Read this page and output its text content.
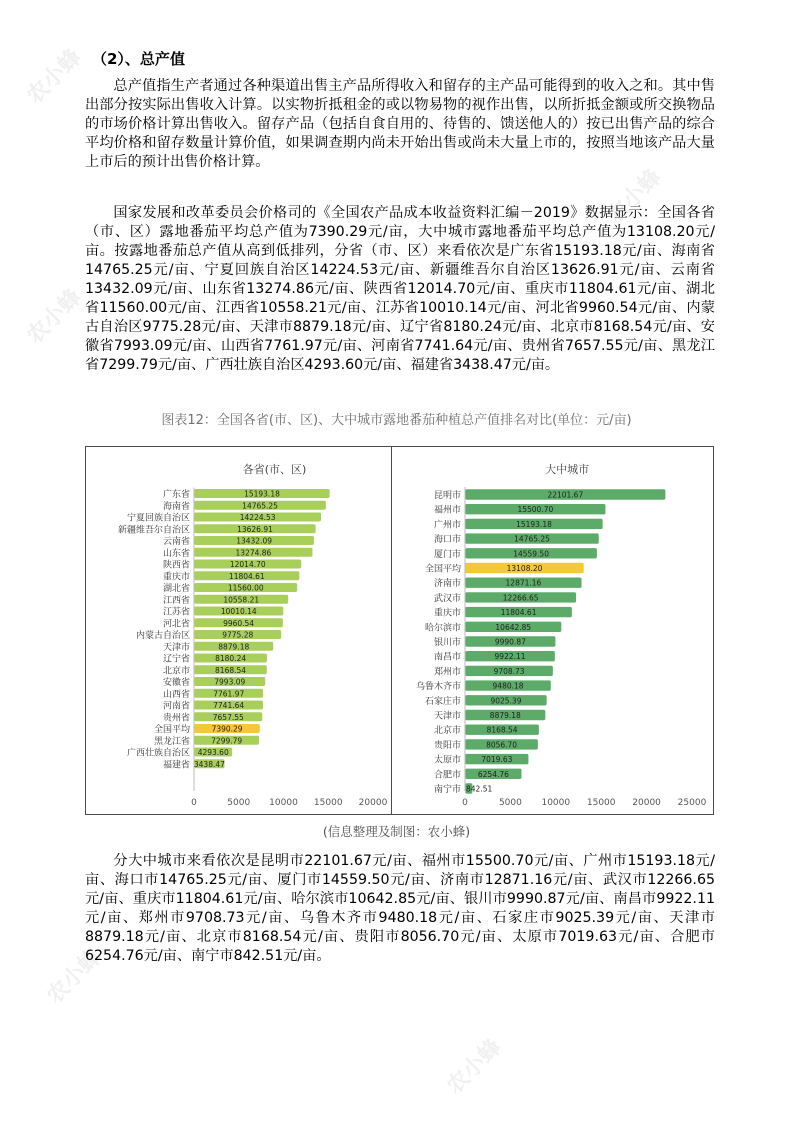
农小蜂
农小蜂
农小蜂
农小蜂
农小蜂
（2）、总产值

总产值指生产者通过各种渠道出售主产品所得收入和留存的主产品可能得到的收入之和。其中售出部分按实际出售收入计算。以实物折抵租金的或以物易物的视作出售，以所折抵金额或所交换物品的市场价格计算出售收入。留存产品（包括自食自用的、待售的、馈送他人的）按已出售产品的综合平均价格和留存数量计算价值，如果调查期内尚未开始出售或尚未大量上市的，按照当地该产品大量上市后的预计出售价格计算。

国家发展和改革委员会价格司的《全国农产品成本收益资料汇编－2019》数据显示：全国各省（市、区）露地番茄平均总产值为7390.29元/亩，大中城市露地番茄平均总产值为13108.20元/亩。按露地番茄总产值从高到低排列，分省（市、区）来看依次是广东省15193.18元/亩、海南省14765.25元/亩、宁夏回族自治区14224.53元/亩、新疆维吾尔自治区13626.91元/亩、云南省13432.09元/亩、山东省13274.86元/亩、陕西省12014.70元/亩、重庆市11804.61元/亩、湖北省11560.00元/亩、江西省10558.21元/亩、江苏省10010.14元/亩、河北省9960.54元/亩、内蒙古自治区9775.28元/亩、天津市8879.18元/亩、辽宁省8180.24元/亩、北京市8168.54元/亩、安徽省7993.09元/亩、山西省7761.97元/亩、河南省7741.64元/亩、贵州省7657.55元/亩、黑龙江省7299.79元/亩、广西壮族自治区4293.60元/亩、福建省3438.47元/亩。

图表12：全国各省(市、区)、大中城市露地番茄种植总产值排名对比(单位：元/亩)
各省(市、区)
广东省	15193.18
海南省	14765.25
宁夏回族自治区	14224.53
新疆维吾尔自治区	13626.91
云南省	13432.09
山东省	13274.86
陕西省	12014.70
重庆市	11804.61
湖北省	11560.00
江西省	10558.21
江苏省	10010.14
河北省	9960.54
内蒙古自治区	9775.28
天津市	8879.18
辽宁省	8180.24
北京市	8168.54
安徽省	7993.09
山西省	7761.97
河南省	7741.64
贵州省	7657.55
全国平均	7390.29
黑龙江省	7299.79
广西壮族自治区 4293.60
福建省 3438.47
0	5000 10000 15000 20000
大中城市
昆明市	22101.67
福州市	15500.70
广州市	15193.18
海口市	14765.25
厦门市	14559.50
全国平均	13108.20
济南市	12871.16
武汉市	12266.65
重庆市	11804.61
哈尔滨市	10642.85
银川市	9990.87
南昌市	9922.11
郑州市	9708.73
乌鲁木齐市	9480.18
石家庄市	9025.39
天津市	8879.18
北京市	8168.54
贵阳市	8056.70
太原市	7019.63
合肥市 6254.76
南宁市 842.51
0	5000 10000 15000 20000 25000
(信息整理及制图：农小蜂)

分大中城市来看依次是昆明市22101.67元/亩、福州市15500.70元/亩、广州市15193.18元/亩、海口市14765.25元/亩、厦门市14559.50元/亩、济南市12871.16元/亩、武汉市12266.65元/亩、重庆市11804.61元/亩、哈尔滨市10642.85元/亩、银川市9990.87元/亩、南昌市9922.11元/亩、郑州市9708.73元/亩、乌鲁木齐市9480.18元/亩、石家庄市9025.39元/亩、天津市8879.18元/亩、北京市8168.54元/亩、贵阳市8056.70元/亩、太原市7019.63元/亩、合肥市6254.76元/亩、南宁市842.51元/亩。
